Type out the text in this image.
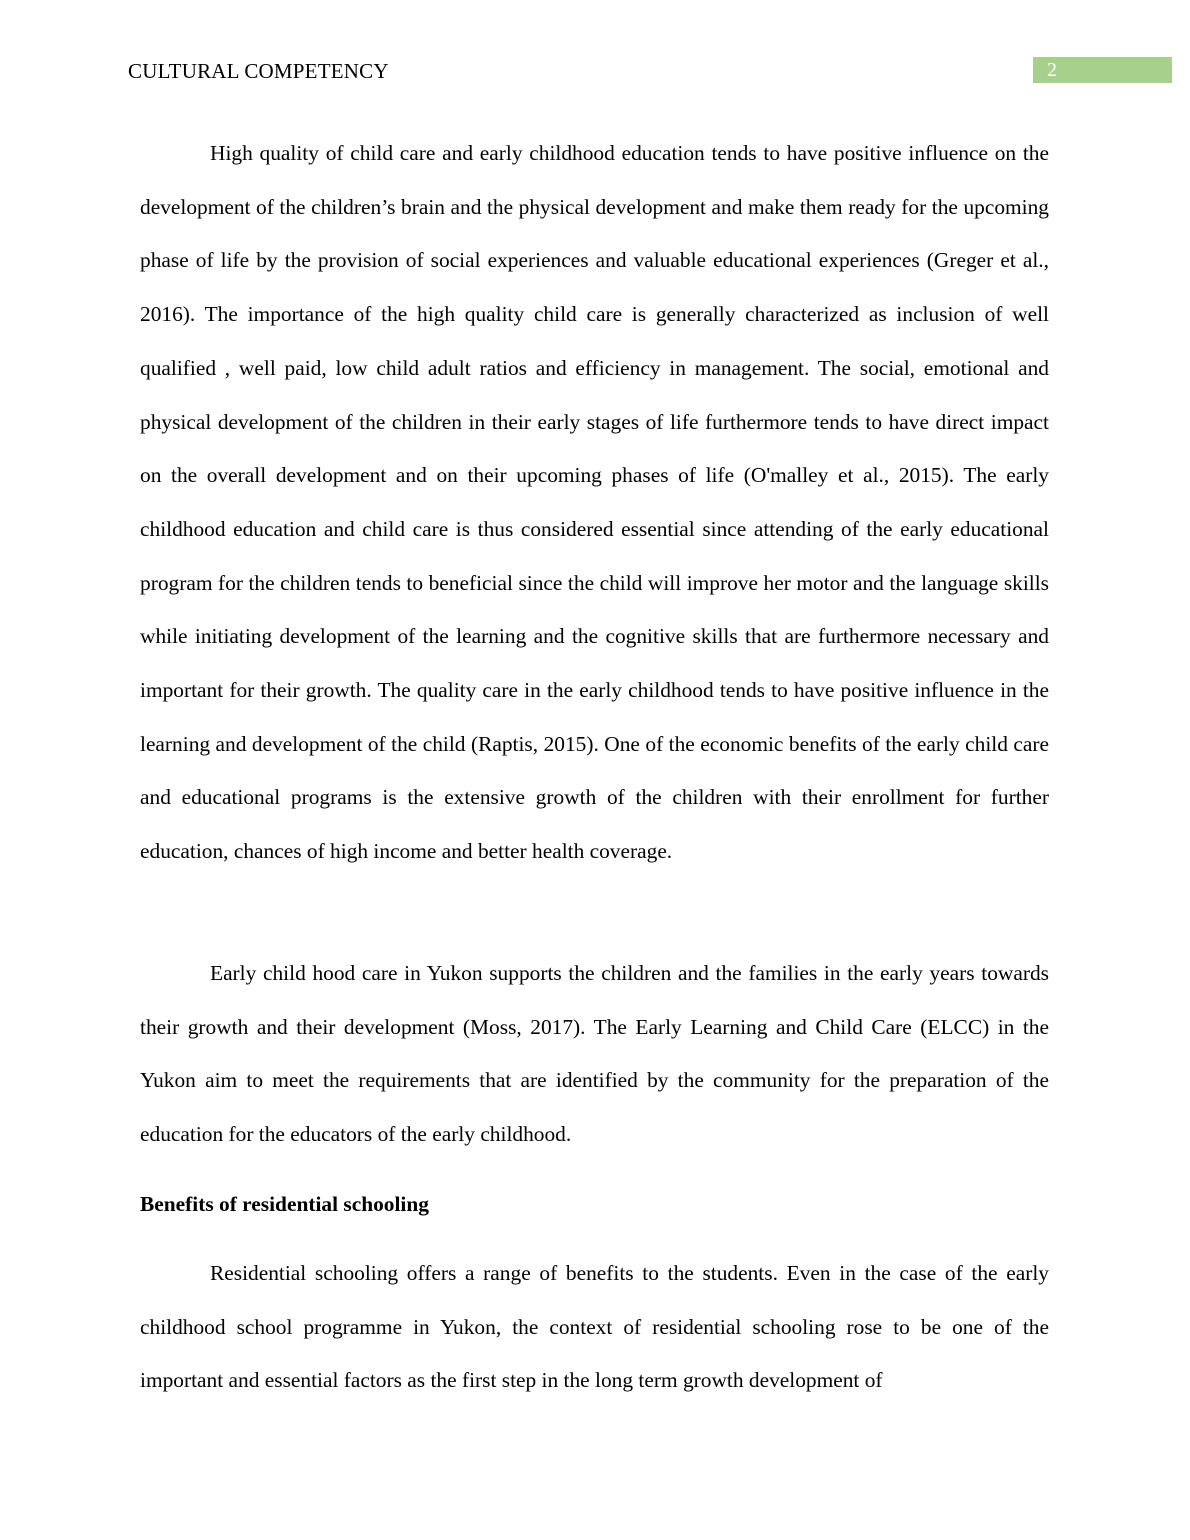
CULTURAL COMPETENCY	2

High quality of child care and early childhood education tends to have positive influence on the development of the children’s brain and the physical development and make them ready for the upcoming phase of life by the provision of social experiences and valuable educational experiences (Greger et al., 2016). The importance of the high quality child care is generally characterized as inclusion of well qualified , well paid, low child adult ratios and efficiency in management. The social, emotional and physical development of the children in their early stages of life furthermore tends to have direct impact on the overall development and on their upcoming phases of life (O'malley et al., 2015). The early childhood education and child care is thus considered essential since attending of the early educational program for the children tends to beneficial since the child will improve her motor and the language skills while initiating development of the learning and the cognitive skills that are furthermore necessary and important for their growth. The quality care in the early childhood tends to have positive influence in the learning and development of the child (Raptis, 2015). One of the economic benefits of the early child care and educational programs is the extensive growth of the children with their enrollment for further education, chances of high income and better health coverage.

Early child hood care in Yukon supports the children and the families in the early years towards their growth and their development (Moss, 2017). The Early Learning and Child Care (ELCC) in the Yukon aim to meet the requirements that are identified by the community for the preparation of the education for the educators of the early childhood.

Benefits of residential schooling

Residential schooling offers a range of benefits to the students. Even in the case of the early childhood school programme in Yukon, the context of residential schooling rose to be one of the important and essential factors as the first step in the long term growth development of
